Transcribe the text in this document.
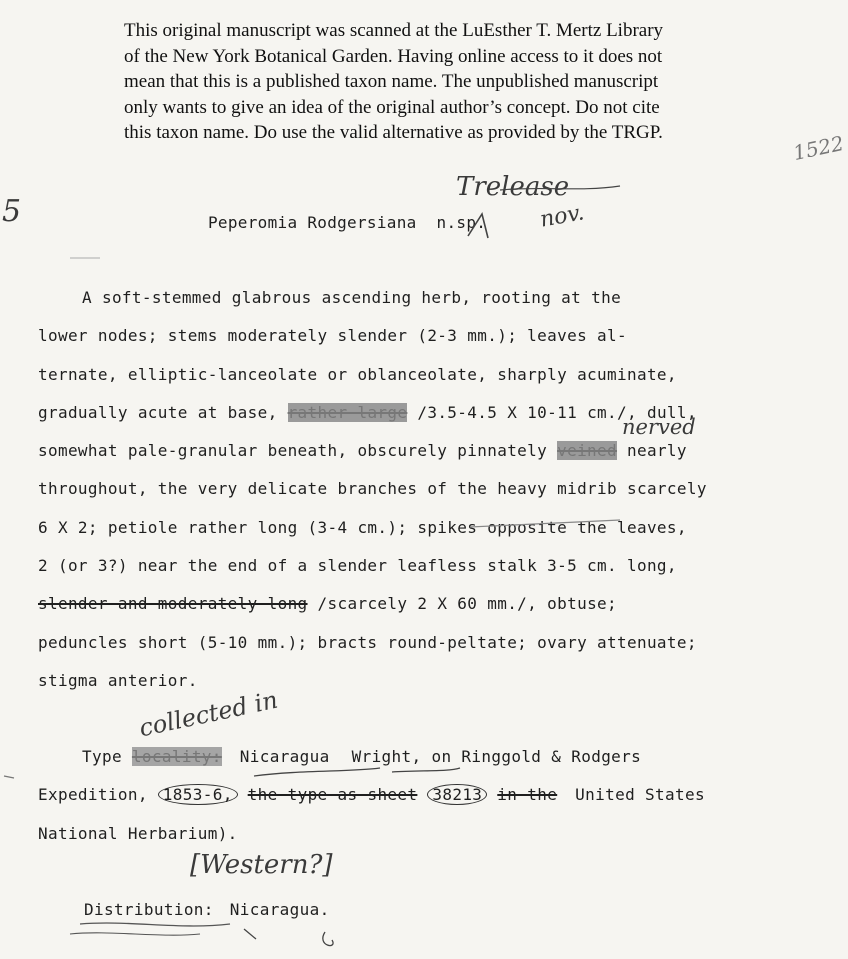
This original manuscript was scanned at the LuEsther T. Mertz Library
of the New York Botanical Garden. Having online access to it does not
mean that this is a published taxon name. The unpublished manuscript
only wants to give an idea of the original author’s concept. Do not cite
this taxon name. Do use the valid alternative as provided by the TRGP.
5
1522
Trelease
Peperomia Rodgersiana n.sp. nov.
A soft-stemmed glabrous ascending herb, rooting at the
lower nodes; stems moderately slender (2-3 mm.); leaves al-
ternate, elliptic-lanceolate or oblanceolate, sharply acuminate,
gradually acute at base, rather large /3.5-4.5 X 10-11 cm./, dull,
somewhat pale-granular beneath, obscurely pinnately veined nearly
throughout, the very delicate branches of the heavy midrib scarcely
6 X 2; petiole rather long (3-4 cm.); spikes opposite the leaves,
2 (or 3?) near the end of a slender leafless stalk 3-5 cm. long,
slender and moderately long /scarcely 2 X 60 mm./, obtuse;
peduncles short (5-10 mm.); bracts round-peltate; ovary attenuate;
stigma anterior.
nerved
collected in
Type locality: Nicaragua Wright, on Ringgold & Rodgers
Expedition, 1853-6, the type as sheet 38213 in the United States
National Herbarium).
[Western?]
Distribution: Nicaragua.
